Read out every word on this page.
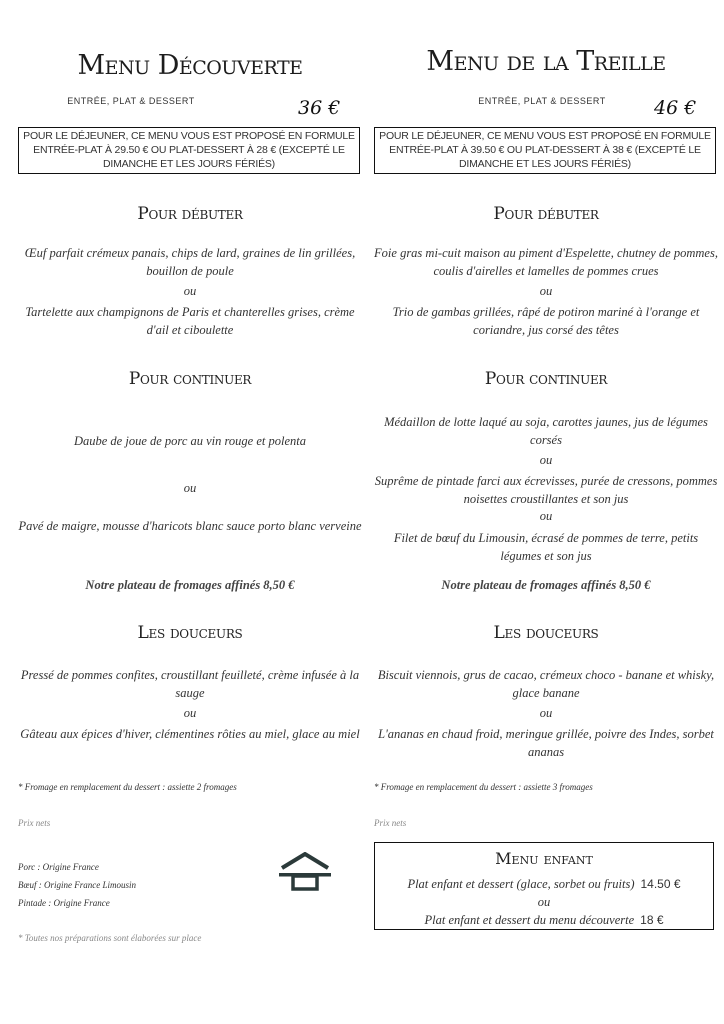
Menu Découverte
ENTRÉE, PLAT & DESSERT	36 €
POUR LE DÉJEUNER, CE MENU VOUS EST PROPOSÉ EN FORMULE
ENTRÉE-PLAT À 29.50 € OU PLAT-DESSERT À 28 € (EXCEPTÉ LE
DIMANCHE ET LES JOURS FÉRIÉS)
Pour débuter
Œuf parfait crémeux panais, chips de lard, graines de lin grillées, bouillon de poule
ou
Tartelette aux champignons de Paris et chanterelles grises, crème d'ail et ciboulette
Pour continuer
Daube de joue de porc au vin rouge et polenta
ou
Pavé de maigre, mousse d'haricots blanc sauce porto blanc verveine
Notre plateau de fromages affinés 8,50 €
Les douceurs
Pressé de pommes confites, croustillant feuilleté, crème infusée à la sauge
ou
Gâteau aux épices d'hiver, clémentines rôties au miel, glace au miel
* Fromage en remplacement du dessert : assiette 2 fromages
Prix nets
Porc : Origine France
Bœuf : Origine France Limousin
Pintade : Origine France
* Toutes nos préparations sont élaborées sur place
Menu de la Treille
ENTRÉE, PLAT & DESSERT	46 €
POUR LE DÉJEUNER, CE MENU VOUS EST PROPOSÉ EN FORMULE
ENTRÉE-PLAT À 39.50 € OU PLAT-DESSERT À 38 € (EXCEPTÉ LE
DIMANCHE ET LES JOURS FÉRIÉS)
Pour débuter
Foie gras mi-cuit maison au piment d'Espelette, chutney de pommes, coulis d'airelles et lamelles de pommes crues
ou
Trio de gambas grillées, râpé de potiron mariné à l'orange et coriandre, jus corsé des têtes
Pour continuer
Médaillon de lotte laqué au soja, carottes jaunes, jus de légumes corsés
ou
Suprême de pintade farci aux écrevisses, purée de cressons, pommes noisettes croustillantes et son jus
ou
Filet de bœuf du Limousin, écrasé de pommes de terre, petits légumes et son jus
Notre plateau de fromages affinés 8,50 €
Les douceurs
Biscuit viennois, grus de cacao, crémeux choco - banane et whisky, glace banane
ou
L'ananas en chaud froid, meringue grillée, poivre des Indes, sorbet ananas
* Fromage en remplacement du dessert : assiette 3 fromages
Prix nets
Menu enfant
Plat enfant et dessert (glace, sorbet ou fruits) 14.50 €
ou
Plat enfant et dessert du menu découverte 18 €
